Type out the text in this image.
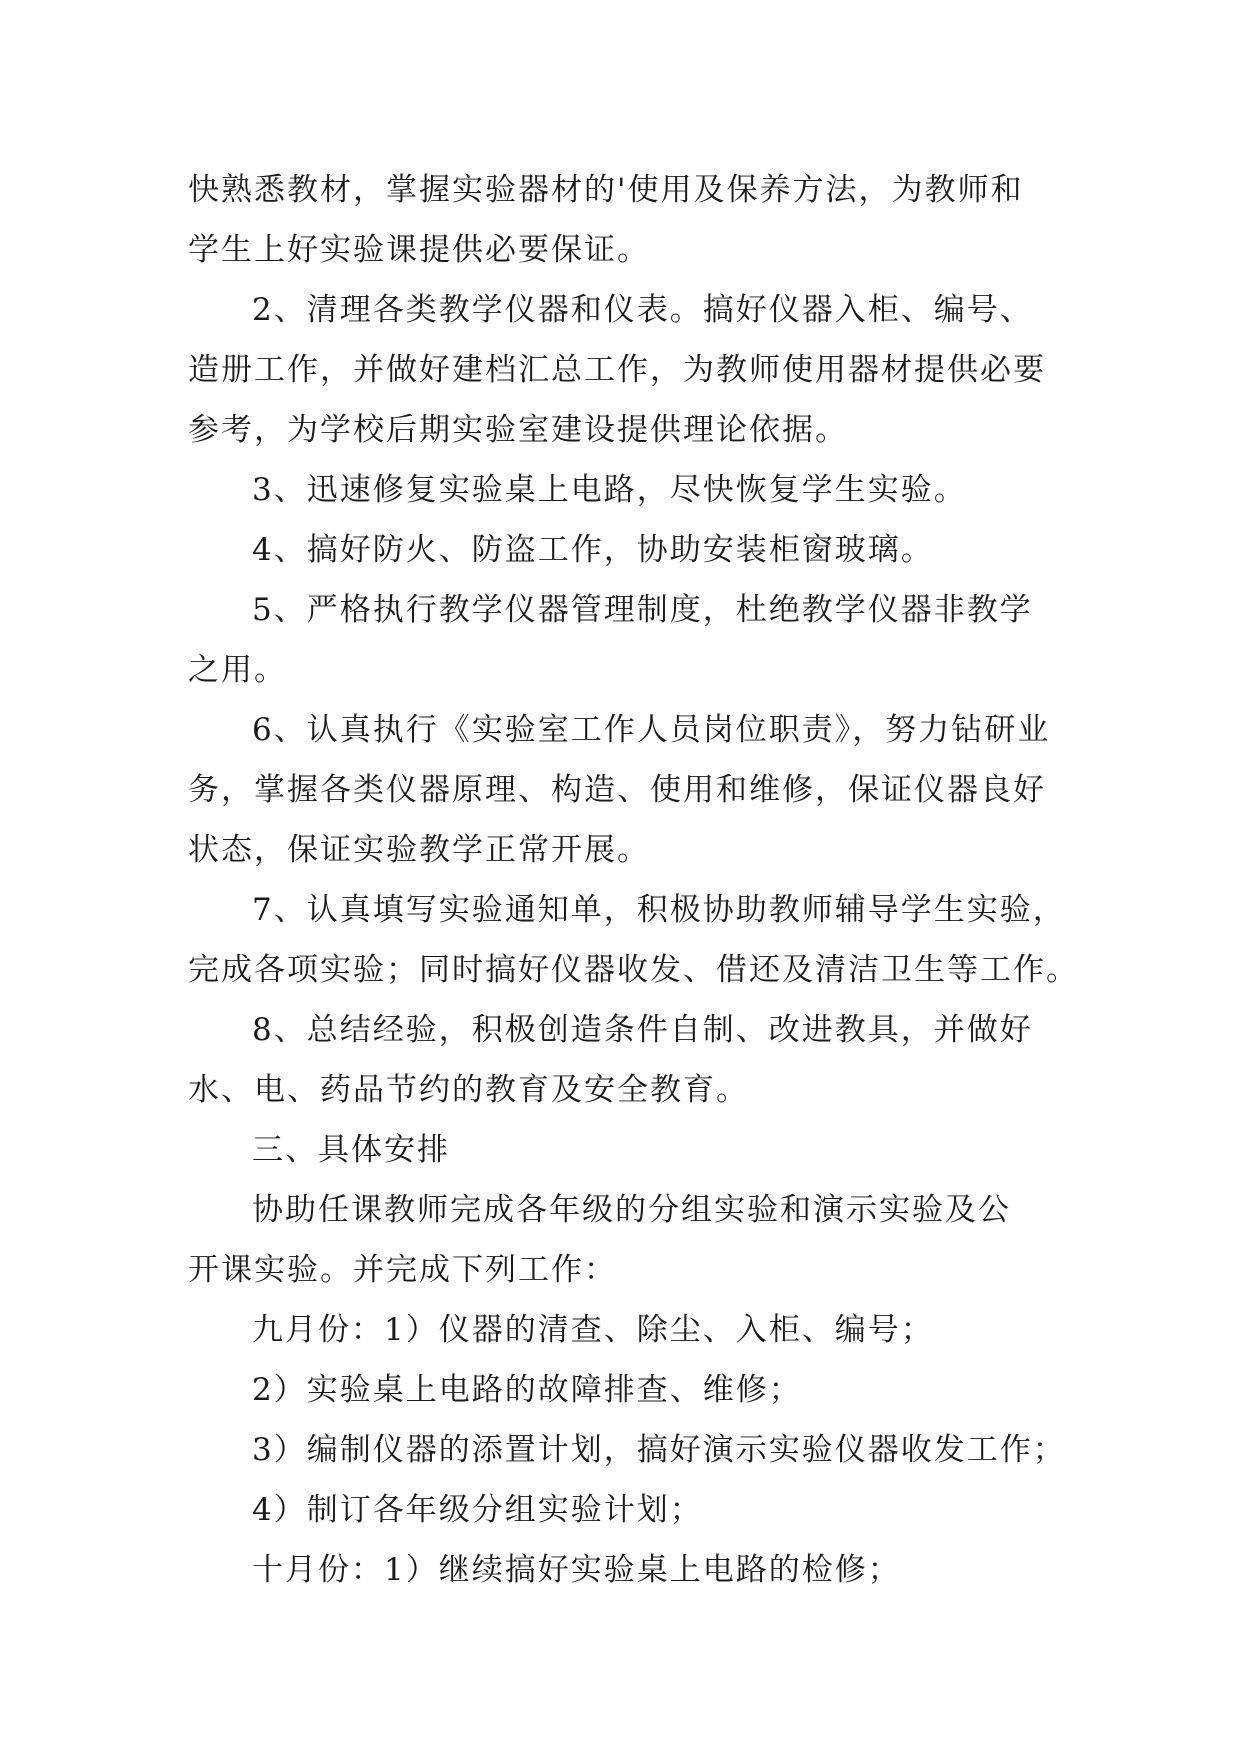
快熟悉教材，掌握实验器材的'使用及保养方法，为教师和
学生上好实验课提供必要保证。
2、清理各类教学仪器和仪表。搞好仪器入柜、编号、
造册工作，并做好建档汇总工作，为教师使用器材提供必要
参考，为学校后期实验室建设提供理论依据。
3、迅速修复实验桌上电路，尽快恢复学生实验。
4、搞好防火、防盗工作，协助安装柜窗玻璃。
5、严格执行教学仪器管理制度，杜绝教学仪器非教学
之用。
6、认真执行《实验室工作人员岗位职责》，努力钻研业
务，掌握各类仪器原理、构造、使用和维修，保证仪器良好
状态，保证实验教学正常开展。
7、认真填写实验通知单，积极协助教师辅导学生实验，
完成各项实验；同时搞好仪器收发、借还及清洁卫生等工作。
8、总结经验，积极创造条件自制、改进教具，并做好
水、电、药品节约的教育及安全教育。
三、具体安排
协助任课教师完成各年级的分组实验和演示实验及公
开课实验。并完成下列工作：
九月份：1）仪器的清查、除尘、入柜、编号；
2）实验桌上电路的故障排查、维修；
3）编制仪器的添置计划，搞好演示实验仪器收发工作；
4）制订各年级分组实验计划；
十月份：1）继续搞好实验桌上电路的检修；
